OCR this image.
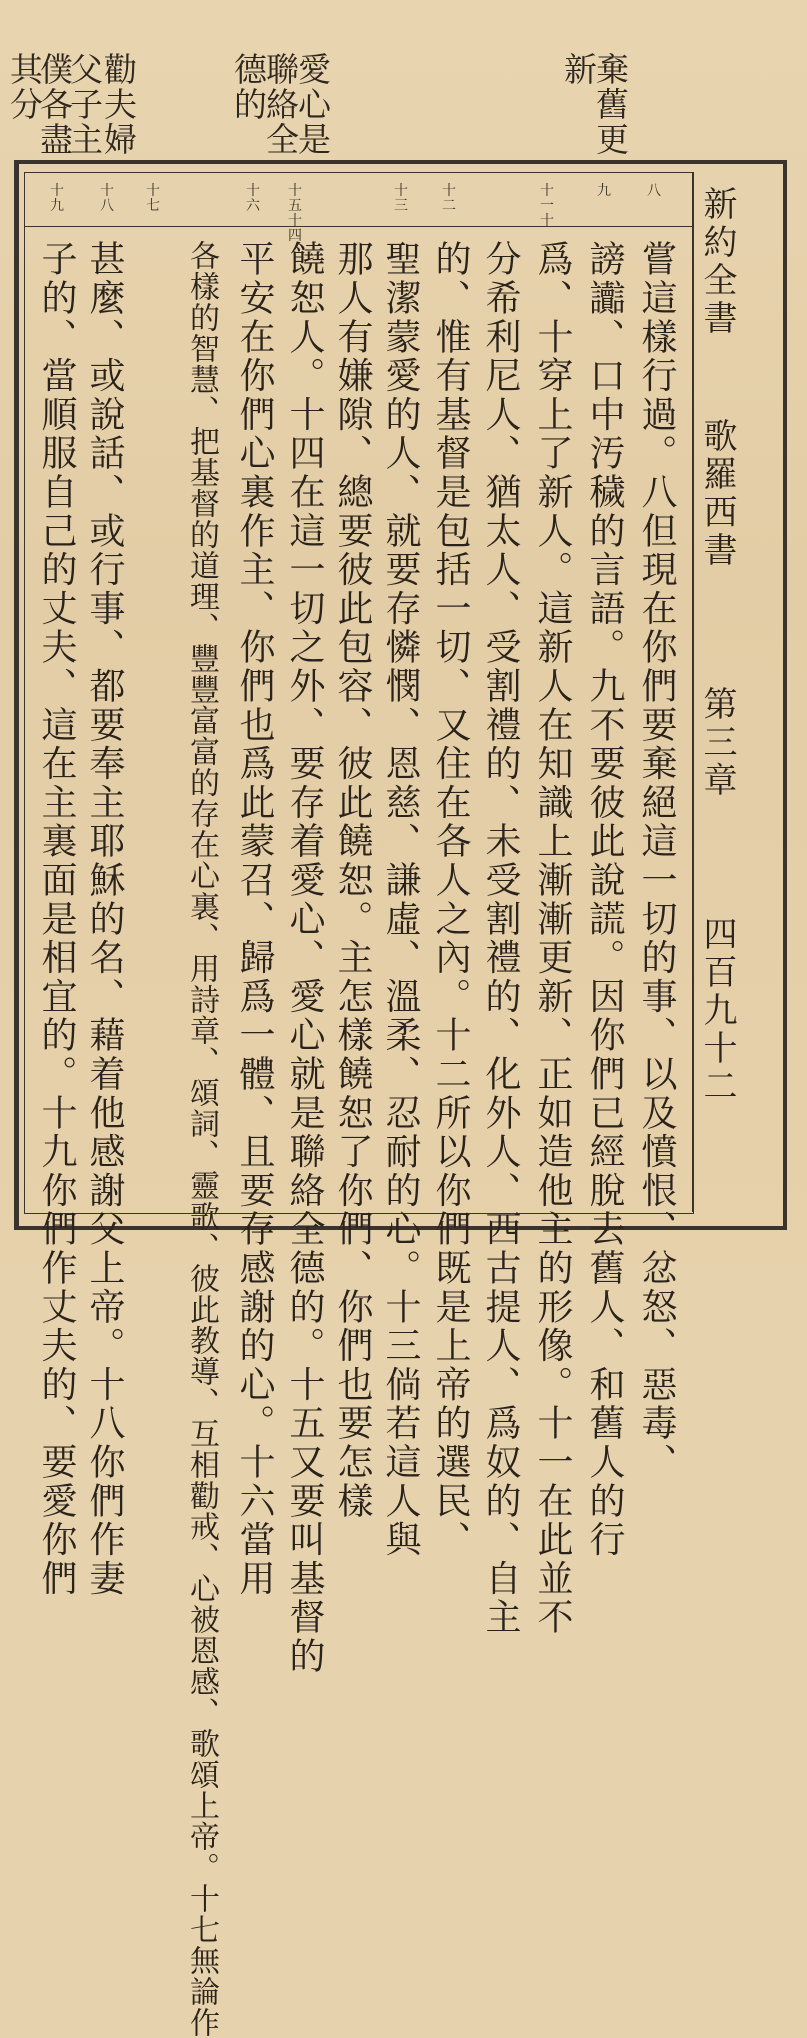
勸夫婦
父子主
僕各盡
其分	愛心是
聯絡全
德的	棄舊更
新
八
九
十一十
十二
十三
十五十四
十六
十七
十八
十九
嘗這樣行過。八但現在你們要棄絕這一切的事、以及憤恨、忿怒、惡毒、
謗讟、口中汚穢的言語。九不要彼此說謊。因你們已經脫去舊人、和舊人的行
爲、十穿上了新人。這新人在知識上漸漸更新、正如造他主的形像。十一在此並不
分希利尼人、猶太人、受割禮的、未受割禮的、化外人、西古提人、爲奴的、自主
的、惟有基督是包括一切、又住在各人之內。十二所以你們既是上帝的選民、
聖潔蒙愛的人、就要存憐憫、恩慈、謙虛、溫柔、忍耐的心。十三倘若這人與
那人有嫌隙、總要彼此包容、彼此饒恕。主怎樣饒恕了你們、你們也要怎樣
饒恕人。十四在這一切之外、要存着愛心、愛心就是聯絡全德的。十五又要叫基督的
平安在你們心裏作主、你們也爲此蒙召、歸爲一體、且要存感謝的心。十六當用
各樣的智慧、把基督的道理、豐豐富富的存在心裏、用詩章、頌詞、靈歌、彼此教導、互相勸戒、心被恩感、歌頌上帝。十七無論作
甚麼、或說話、或行事、都要奉主耶穌的名、藉着他感謝父上帝。十八你們作妻
子的、當順服自己的丈夫、這在主裏面是相宜的。十九你們作丈夫的、要愛你們	新約全書 歌羅西書 第三章 四百九十二
